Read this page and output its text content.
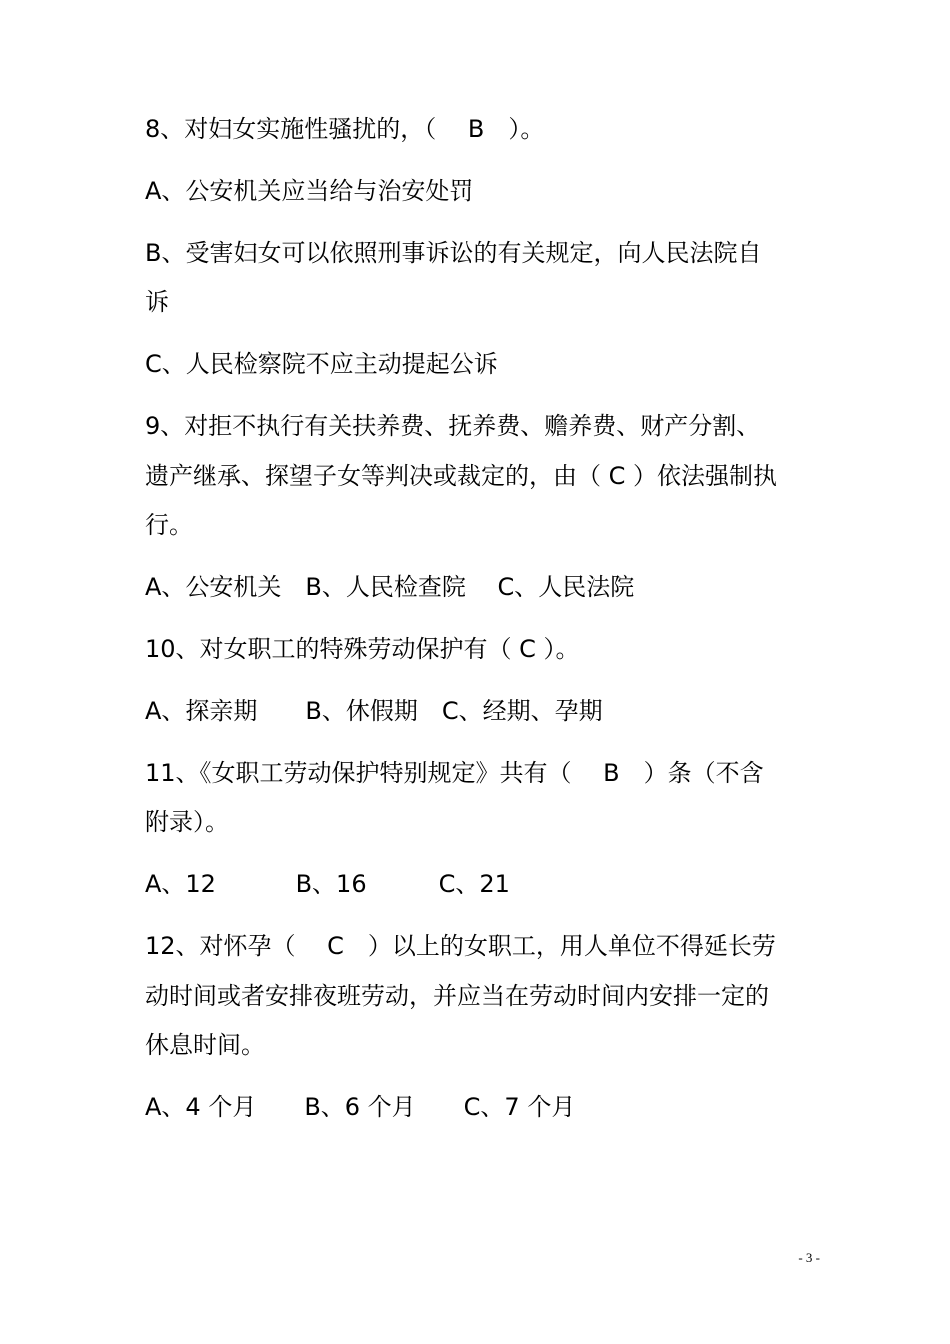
8、对妇女实施性骚扰的，（　 B　）。
A、公安机关应当给与治安处罚
B、受害妇女可以依照刑事诉讼的有关规定，向人民法院自
诉
C、人民检察院不应主动提起公诉
9、对拒不执行有关扶养费、抚养费、赡养费、财产分割、
遗产继承、探望子女等判决或裁定的，由（ C ）依法强制执
行。
A、公安机关　B、人民检查院　 C、人民法院
10、对女职工的特殊劳动保护有（ C ）。
A、探亲期　　B、休假期　C、经期、孕期
11、《女职工劳动保护特别规定》共有（　 B　）条（不含
附录）。
A、12　　　 B、16　　　C、21
12、对怀孕（　 C　）以上的女职工，用人单位不得延长劳
动时间或者安排夜班劳动，并应当在劳动时间内安排一定的
休息时间。
A、4 个月　　B、6 个月　　C、7 个月
- 3 -
